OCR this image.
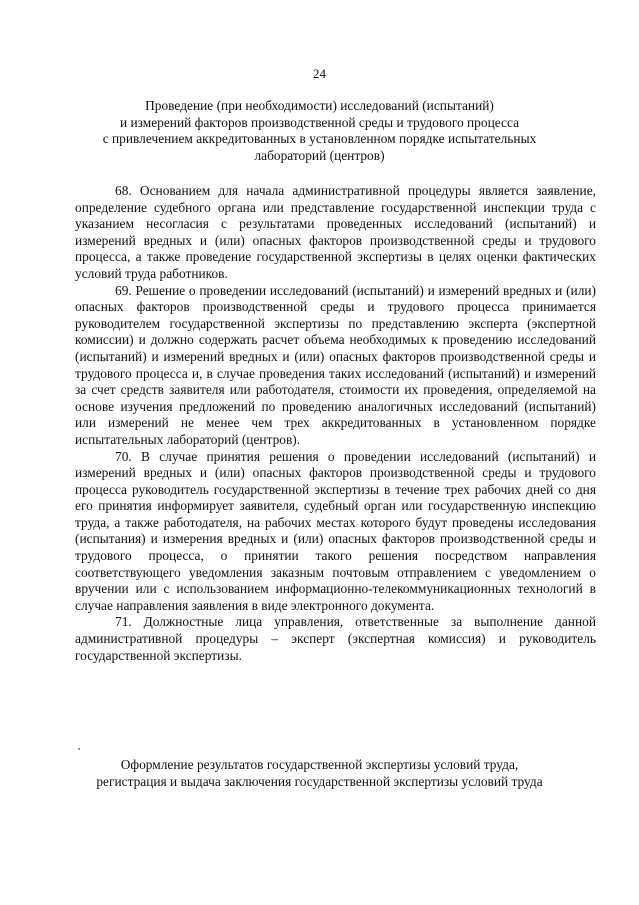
24
Проведение (при необходимости) исследований (испытаний)
и измерений факторов производственной среды и трудового процесса
с привлечением аккредитованных в установленном порядке испытательных
лабораторий (центров)

68. Основанием для начала административной процедуры является заявление, определение судебного органа или представление государственной инспекции труда с указанием несогласия с результатами проведенных исследований (испытаний) и измерений вредных и (или) опасных факторов производственной среды и трудового процесса, а также проведение государственной экспертизы в целях оценки фактических условий труда работников.

69. Решение о проведении исследований (испытаний) и измерений вредных и (или) опасных факторов производственной среды и трудового процесса принимается руководителем государственной экспертизы по представлению эксперта (экспертной комиссии) и должно содержать расчет объема необходимых к проведению исследований (испытаний) и измерений вредных и (или) опасных факторов производственной среды и трудового процесса и, в случае проведения таких исследований (испытаний) и измерений за счет средств заявителя или работодателя, стоимости их проведения, определяемой на основе изучения предложений по проведению аналогичных исследований (испытаний) или измерений не менее чем трех аккредитованных в установленном порядке испытательных лабораторий (центров).

70. В случае принятия решения о проведении исследований (испытаний) и измерений вредных и (или) опасных факторов производственной среды и трудового процесса руководитель государственной экспертизы в течение трех рабочих дней со дня его принятия информирует заявителя, судебный орган или государственную инспекцию труда, а также работодателя, на рабочих местах которого будут проведены исследования (испытания) и измерения вредных и (или) опасных факторов производственной среды и трудового процесса, о принятии такого решения посредством направления соответствующего уведомления заказным почтовым отправлением с уведомлением о вручении или с использованием информационно-телекоммуникационных технологий в случае направления заявления в виде электронного документа.

71. Должностные лица управления, ответственные за выполнение данной административной процедуры – эксперт (экспертная комиссия) и руководитель государственной экспертизы.

Оформление результатов государственной экспертизы условий труда,
регистрация и выдача заключения государственной экспертизы условий труда
